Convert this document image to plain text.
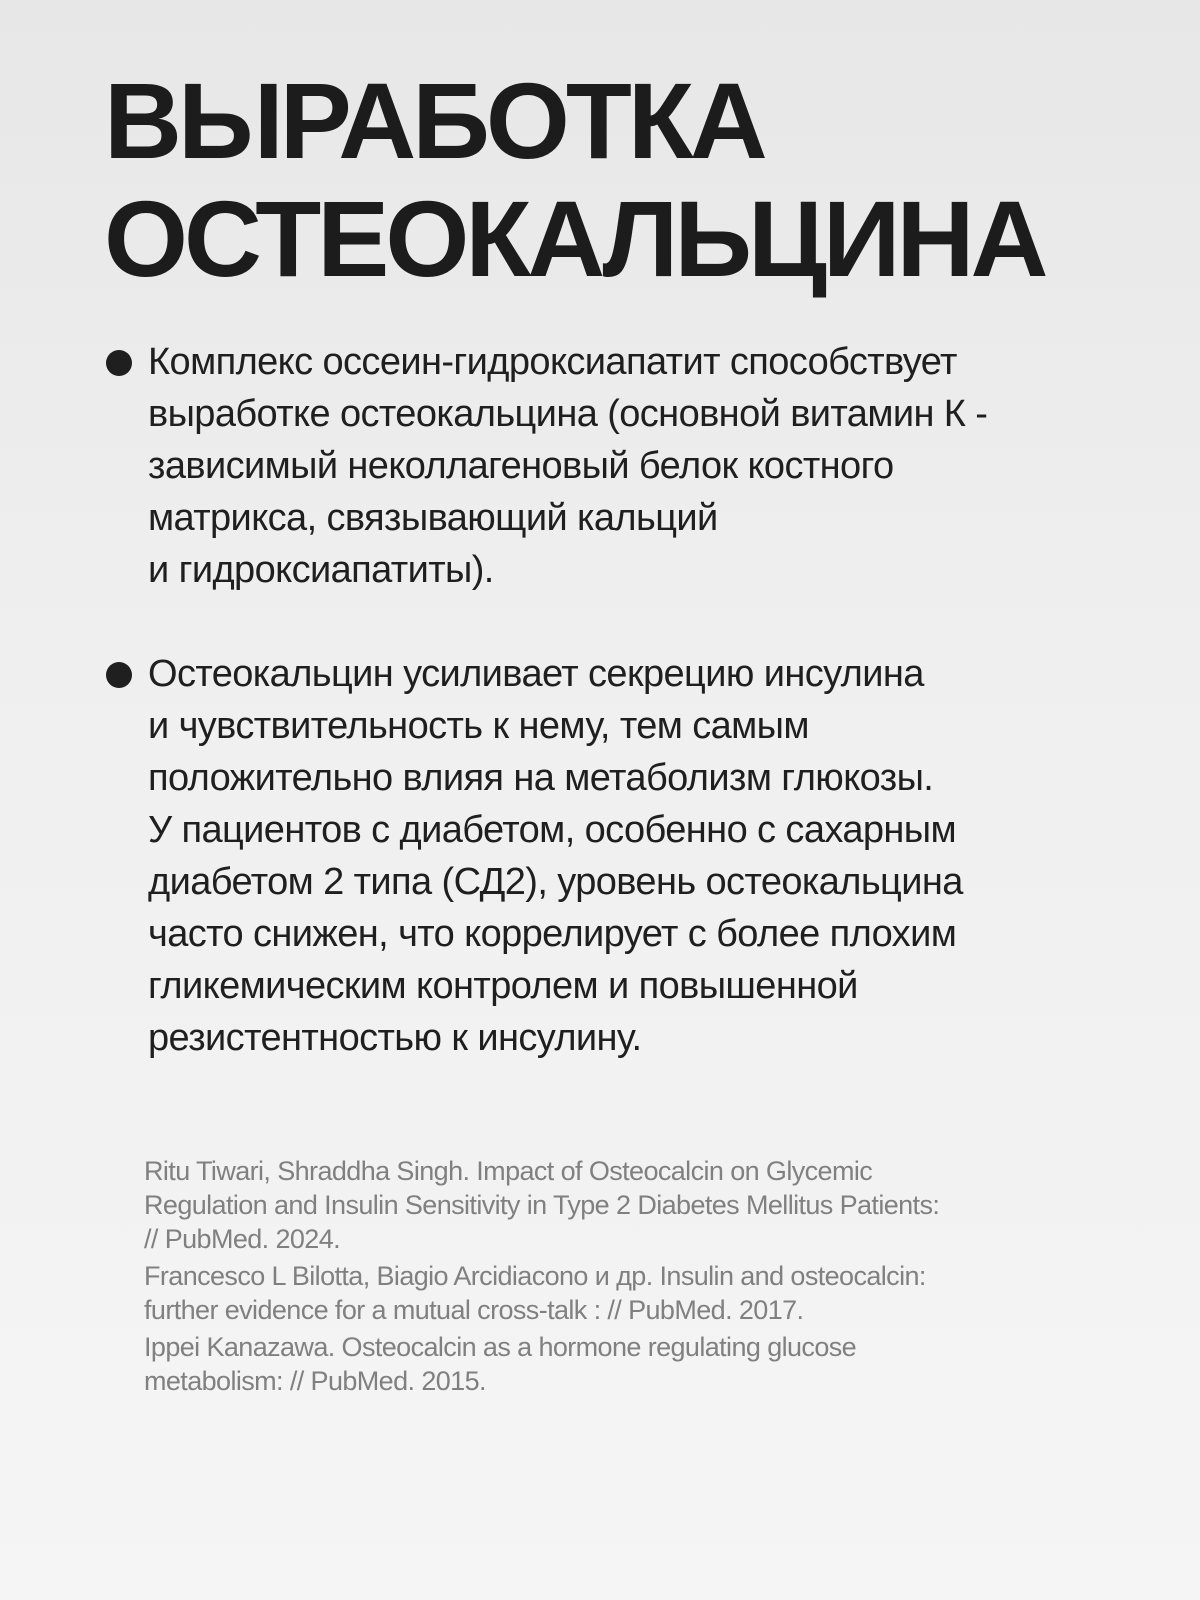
ВЫРАБОТКА
ОСТЕОКАЛЬЦИНА
Комплекс оссеин-гидроксиапатит способствует
выработке остеокальцина (основной витамин К -
зависимый неколлагеновый белок костного
матрикса, связывающий кальций
и гидроксиапатиты).
Остеокальцин усиливает секрецию инсулина
и чувствительность к нему, тем самым
положительно влияя на метаболизм глюкозы.
У пациентов с диабетом, особенно с сахарным
диабетом 2 типа (СД2), уровень остеокальцина
часто снижен, что коррелирует с более плохим
гликемическим контролем и повышенной
резистентностью к инсулину.
Ritu Tiwari, Shraddha Singh. Impact of Osteocalcin on Glycemic
Regulation and Insulin Sensitivity in Type 2 Diabetes Mellitus Patients:
// PubMed. 2024.
Francesco L Bilotta, Biagio Arcidiacono и др. Insulin and osteocalcin:
further evidence for a mutual cross-talk : // PubMed. 2017.
Ippei Kanazawa. Osteocalcin as a hormone regulating glucose
metabolism: // PubMed. 2015.
